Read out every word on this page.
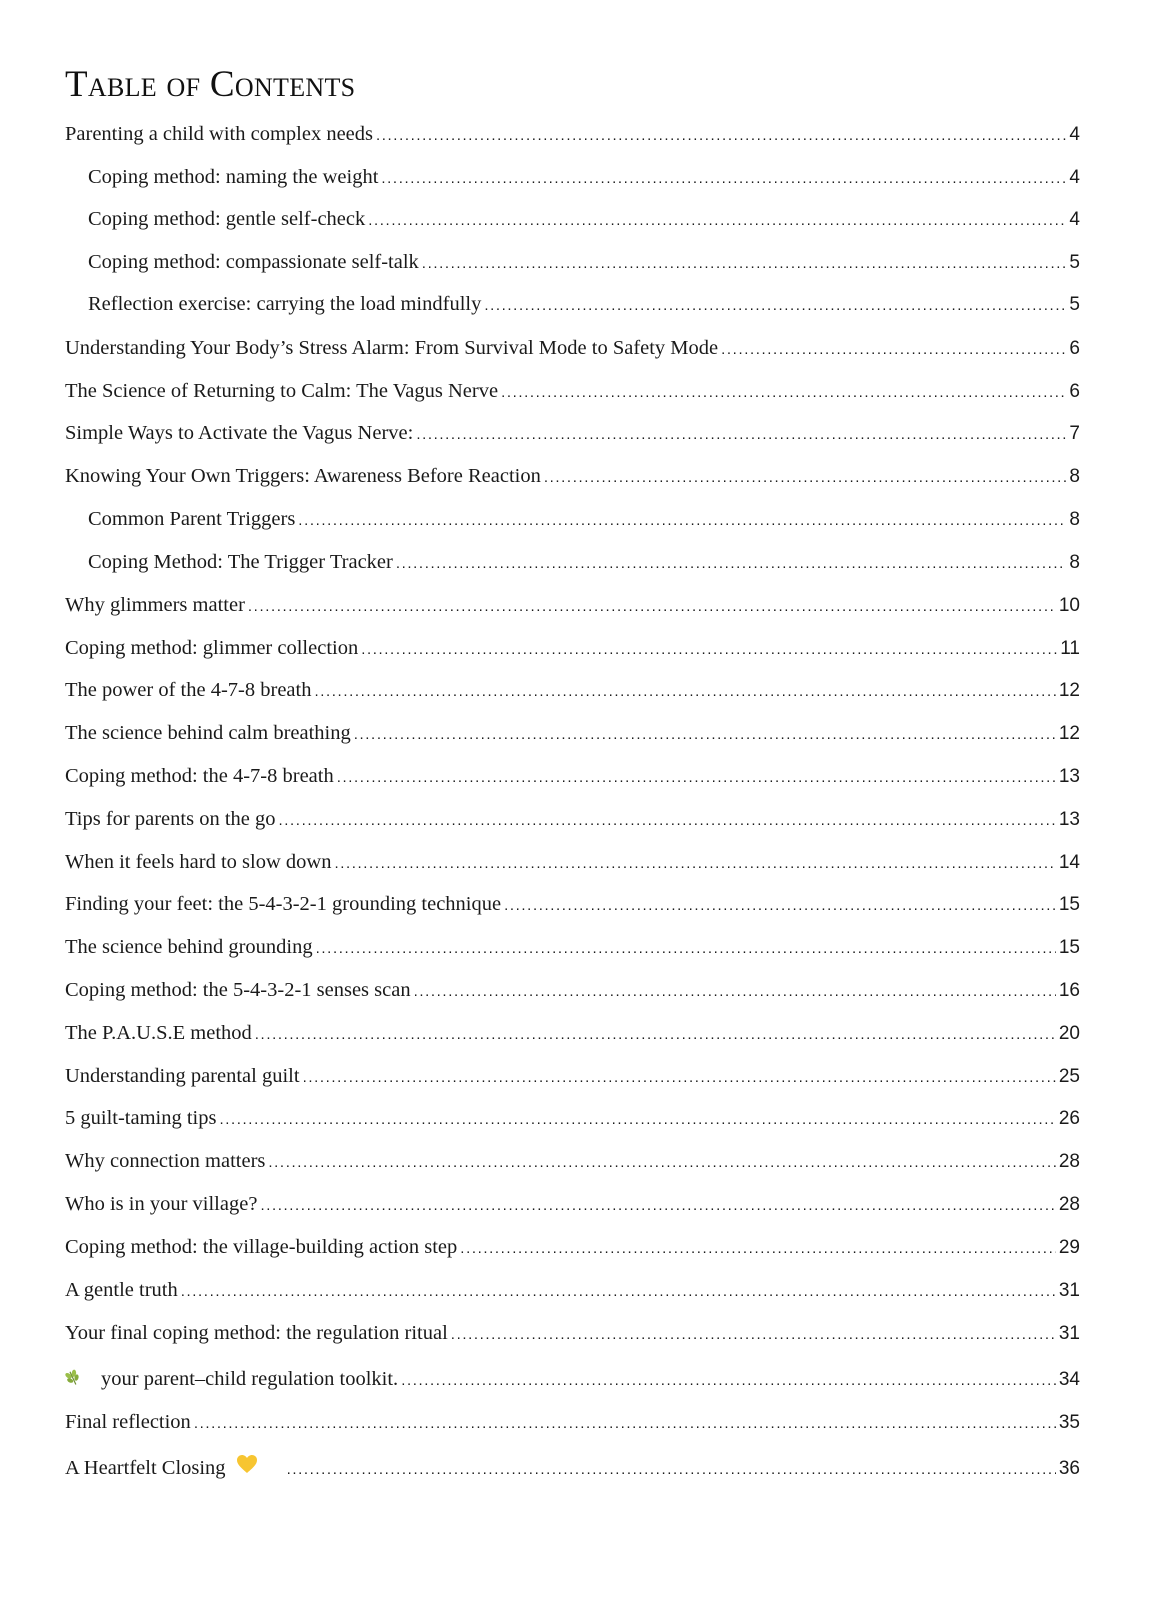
Table of Contents
Parenting a child with complex needs .....	4
Coping method: naming the weight .....	4
Coping method: gentle self-check .....	4
Coping method: compassionate self-talk .....	5
Reflection exercise: carrying the load mindfully .....	5
Understanding Your Body’s Stress Alarm: From Survival Mode to Safety Mode .....	6
The Science of Returning to Calm: The Vagus Nerve .....	6
Simple Ways to Activate the Vagus Nerve: .....	7
Knowing Your Own Triggers: Awareness Before Reaction .....	8
Common Parent Triggers .....	8
Coping Method: The Trigger Tracker .....	8
Why glimmers matter .....	10
Coping method: glimmer collection .....	11
The power of the 4-7-8 breath .....	12
The science behind calm breathing .....	12
Coping method: the 4-7-8 breath .....	13
Tips for parents on the go .....	13
When it feels hard to slow down .....	14
Finding your feet: the 5-4-3-2-1 grounding technique .....	15
The science behind grounding .....	15
Coping method: the 5-4-3-2-1 senses scan .....	16
The P.A.U.S.E method .....	20
Understanding parental guilt .....	25
5 guilt-taming tips .....	26
Why connection matters .....	28
Who is in your village? .....	28
Coping method: the village-building action step .....	29
A gentle truth .....	31
Your final coping method: the regulation ritual .....	31
your parent–child regulation toolkit. .....	34
Final reflection .....	35
A Heartfelt Closing .....	36
